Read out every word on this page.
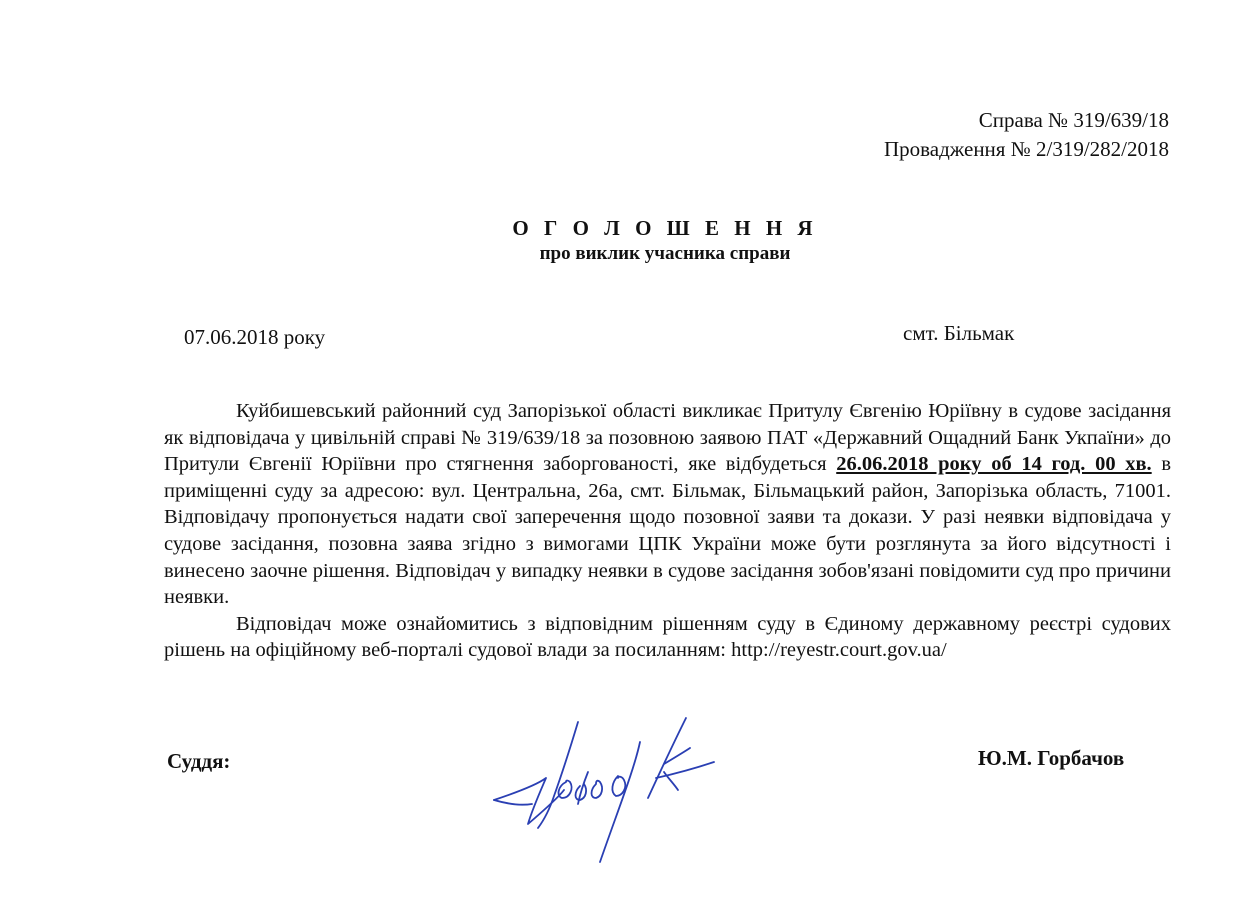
Справа № 319/639/18
Провадження № 2/319/282/2018
О Г О Л О Ш Е Н Н Я
про виклик учасника справи
07.06.2018 року	смт. Більмак

Куйбишевський районний суд Запорізької області викликає Притулу Євгенію Юріївну в судове засідання як відповідача у цивільній справі № 319/639/18 за позовною заявою ПАТ «Державний Ощадний Банк Укпаїни» до Притули Євгенії Юріївни про стягнення заборгованості, яке відбудеться 26.06.2018 року об 14 год. 00 хв. в приміщенні суду за адресою: вул. Центральна, 26а, смт. Більмак, Більмацький район, Запорізька область, 71001. Відповідачу пропонується надати свої заперечення щодо позовної заяви та докази. У разі неявки відповідача у судове засідання, позовна заява згідно з вимогами ЦПК України може бути розглянута за його відсутності і винесено заочне рішення. Відповідач у випадку неявки в судове засідання зобов'язані повідомити суд про причини неявки.

Відповідач може ознайомитись з відповідним рішенням суду в Єдиному державному реєстрі судових рішень на офіційному веб-порталі судової влади за посиланням: http://reyestr.court.gov.ua/

Суддя:	Ю.М. Горбачов
